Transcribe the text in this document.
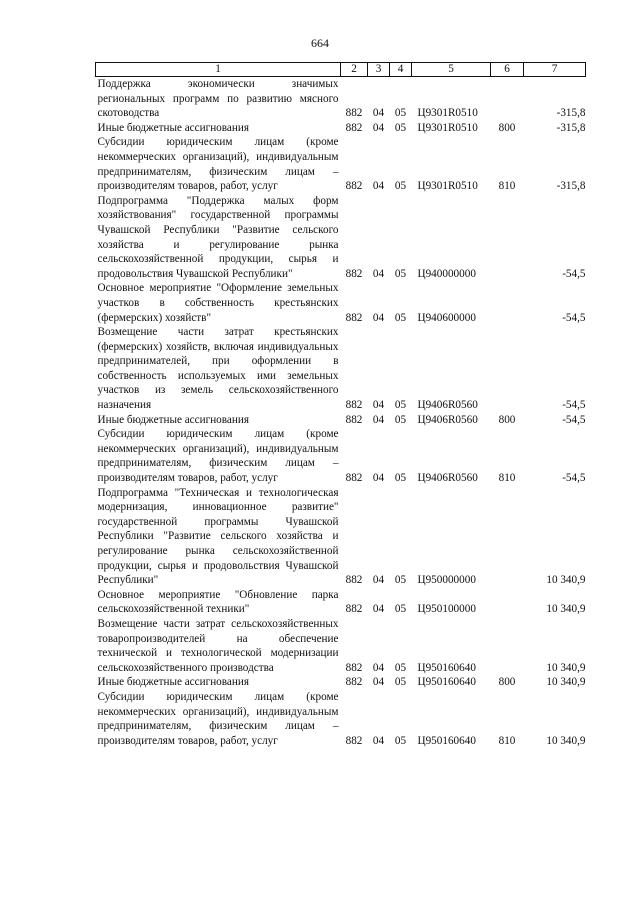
664
1	2	3	4	5	6	7
Поддержка экономически значимых региональных программ по развитию мясного скотоводства	882	04	05	Ц9301R0510		-315,8
Иные бюджетные ассигнования	882	04	05	Ц9301R0510	800	-315,8
Субсидии юридическим лицам (кроме некоммерческих организаций), индивидуальным предпринимателям, физическим лицам – производителям товаров, работ, услуг	882	04	05	Ц9301R0510	810	-315,8
Подпрограмма "Поддержка малых форм хозяйствования" государственной программы Чувашской Республики "Развитие сельского хозяйства и регулирование рынка сельскохозяйственной продукции, сырья и продовольствия Чувашской Республики"	882	04	05	Ц940000000		-54,5
Основное мероприятие "Оформление земельных участков в собственность крестьянских (фермерских) хозяйств"	882	04	05	Ц940600000		-54,5
Возмещение части затрат крестьянских (фермерских) хозяйств, включая индивидуальных предпринимателей, при оформлении в собственность используемых ими земельных участков из земель сельскохозяйственного назначения	882	04	05	Ц9406R0560		-54,5
Иные бюджетные ассигнования	882	04	05	Ц9406R0560	800	-54,5
Субсидии юридическим лицам (кроме некоммерческих организаций), индивидуальным предпринимателям, физическим лицам – производителям товаров, работ, услуг	882	04	05	Ц9406R0560	810	-54,5
Подпрограмма "Техническая и технологическая модернизация, инновационное развитие" государственной программы Чувашской Республики "Развитие сельского хозяйства и регулирование рынка сельскохозяйственной продукции, сырья и продовольствия Чувашской Республики"	882	04	05	Ц950000000		10 340,9
Основное мероприятие "Обновление парка сельскохозяйственной техники"	882	04	05	Ц950100000		10 340,9
Возмещение части затрат сельскохозяйственных товаропроизводителей на обеспечение технической и технологической модернизации сельскохозяйственного производства	882	04	05	Ц950160640		10 340,9
Иные бюджетные ассигнования	882	04	05	Ц950160640	800	10 340,9
Субсидии юридическим лицам (кроме некоммерческих организаций), индивидуальным предпринимателям, физическим лицам – производителям товаров, работ, услуг	882	04	05	Ц950160640	810	10 340,9
